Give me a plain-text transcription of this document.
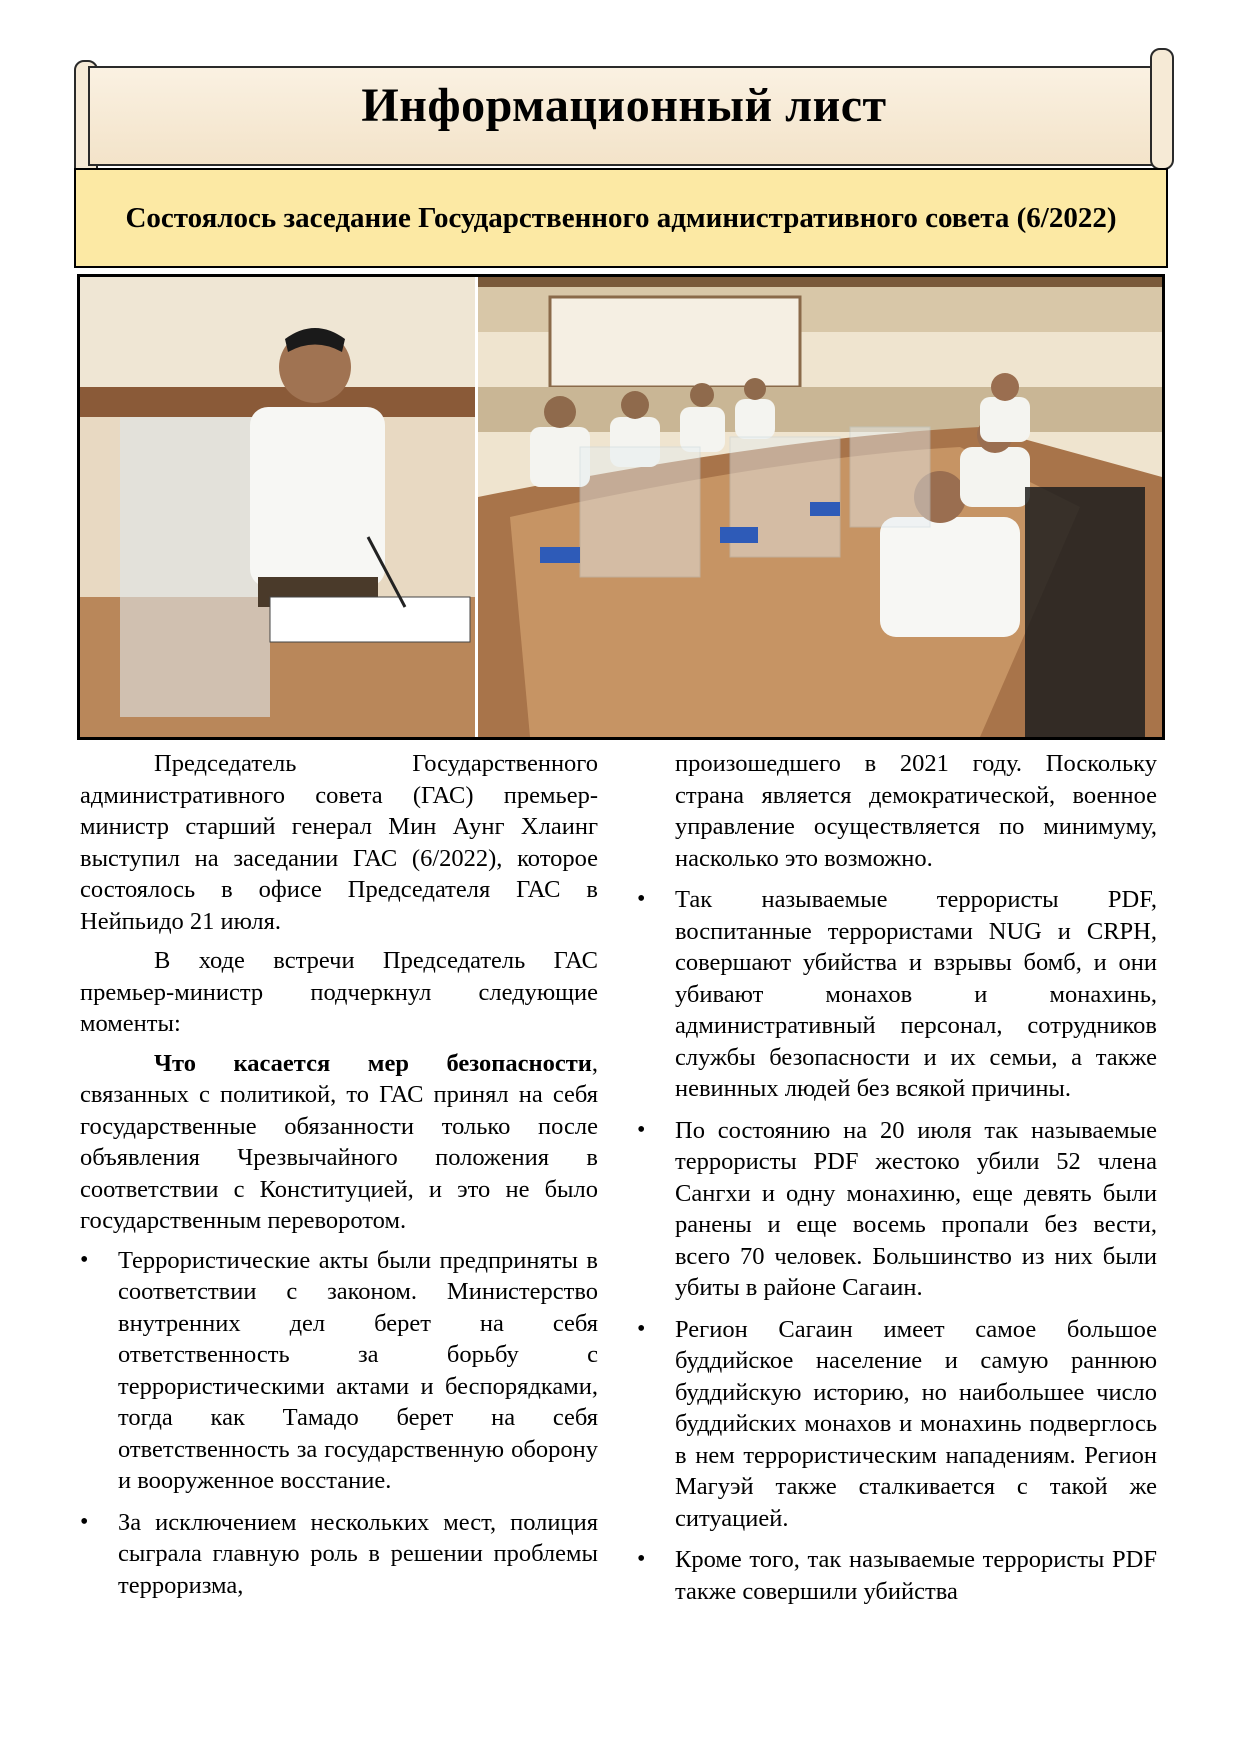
Информационный лист
Состоялось заседание Государственного административного совета (6/2022)

Председатель Государственного административного совета (ГАС) премьер-министр старший генерал Мин Аунг Хлаинг выступил на заседании ГАС (6/2022), которое состоялось в офисе Председателя ГАС в Нейпьидо 21 июля.

В ходе встречи Председатель ГАС премьер-министр подчеркнул следующие моменты:

Что касается мер безопасности, связанных с политикой, то ГАС принял на себя государственные обязанности только после объявления Чрезвычайного положения в соответствии с Конституцией, и это не было государственным переворотом.

• Террористические акты были предприняты в соответствии с законом. Министерство внутренних дел берет на себя ответственность за борьбу с террористическими актами и беспорядками, тогда как Тамадо берет на себя ответственность за государственную оборону и вооруженное восстание.
• За исключением нескольких мест, полиция сыграла главную роль в решении проблемы терроризма,

произошедшего в 2021 году. Поскольку страна является демократической, военное управление осуществляется по минимуму, насколько это возможно.

• Так называемые террористы PDF, воспитанные террористами NUG и CRPH, совершают убийства и взрывы бомб, и они убивают монахов и монахинь, административный персонал, сотрудников службы безопасности и их семьи, а также невинных людей без всякой причины.
• По состоянию на 20 июля так называемые террористы PDF жестоко убили 52 члена Сангхи и одну монахиню, еще девять были ранены и еще восемь пропали без вести, всего 70 человек. Большинство из них были убиты в районе Сагаин.
• Регион Сагаин имеет самое большое буддийское население и самую раннюю буддийскую историю, но наибольшее число буддийских монахов и монахинь подверглось в нем террористическим нападениям. Регион Магуэй также сталкивается с такой же ситуацией.
• Кроме того, так называемые террористы PDF также совершили убийства
